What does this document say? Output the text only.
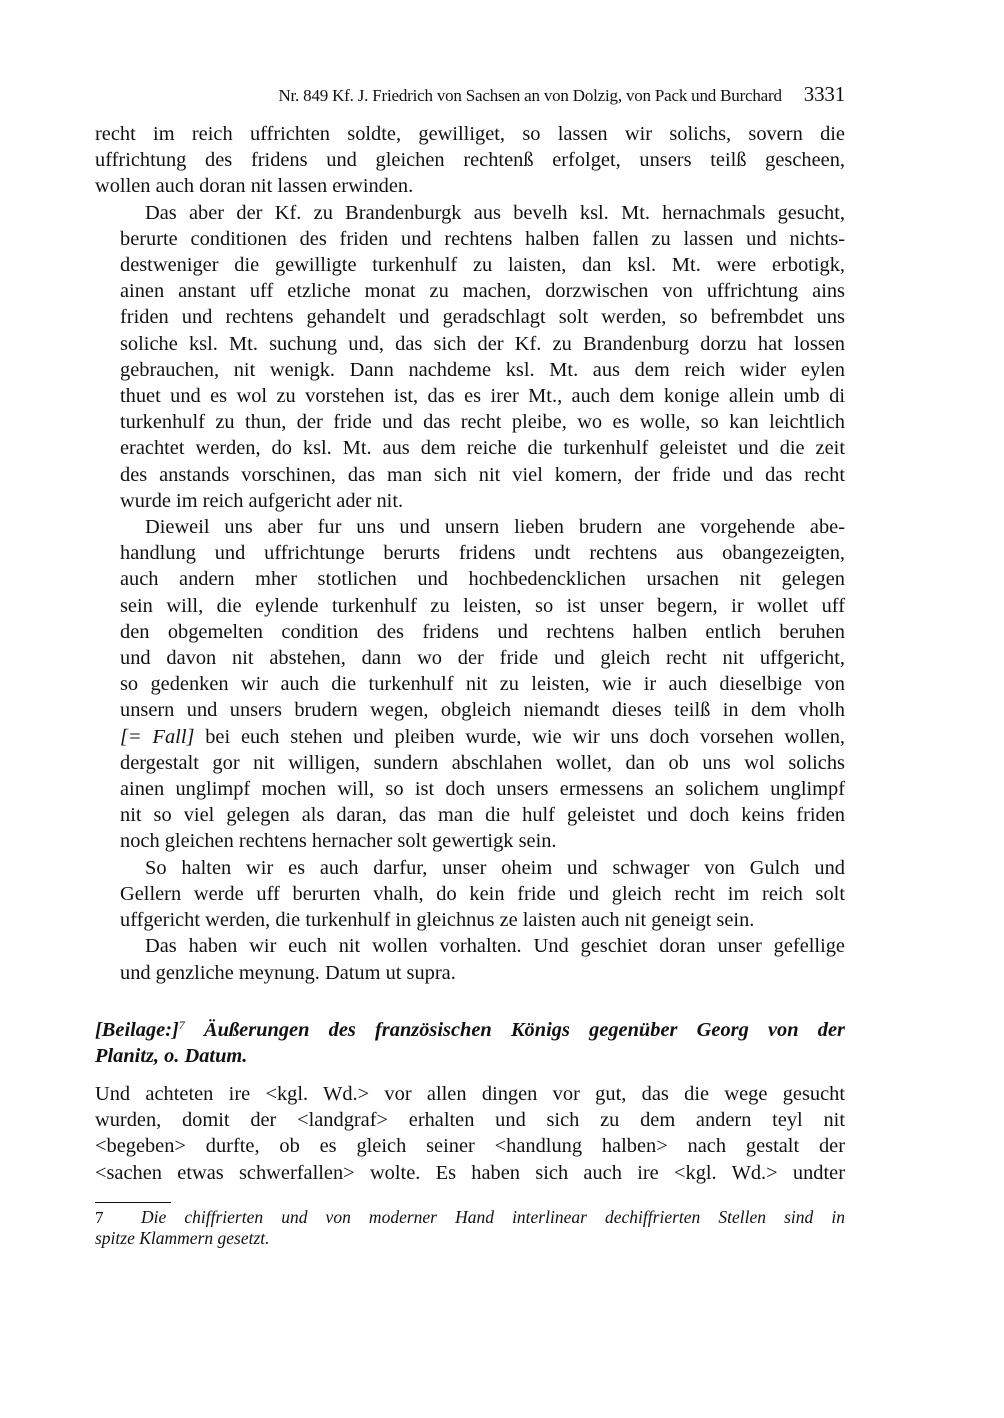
Nr. 849 Kf. J. Friedrich von Sachsen an von Dolzig, von Pack und Burchard 3331
recht im reich uffrichten soldte, gewilliget, so lassen wir solichs, sovern die
uffrichtung des fridens und gleichen rechtenß erfolget, unsers teilß gescheen,
wollen auch doran nit lassen erwinden.
Das aber der Kf. zu Brandenburgk aus bevelh ksl. Mt. hernachmals gesucht,
berurte conditionen des friden und rechtens halben fallen zu lassen und nichts-
destweniger die gewilligte turkenhulf zu laisten, dan ksl. Mt. were erbotigk,
ainen anstant uff etzliche monat zu machen, dorzwischen von uffrichtung ains
friden und rechtens gehandelt und geradschlagt solt werden, so befrembdet uns
soliche ksl. Mt. suchung und, das sich der Kf. zu Brandenburg dorzu hat lossen
gebrauchen, nit wenigk. Dann nachdeme ksl. Mt. aus dem reich wider eylen
thuet und es wol zu vorstehen ist, das es irer Mt., auch dem konige allein umb di
turkenhulf zu thun, der fride und das recht pleibe, wo es wolle, so kan leichtlich
erachtet werden, do ksl. Mt. aus dem reiche die turkenhulf geleistet und die zeit
des anstands vorschinen, das man sich nit viel komern, der fride und das recht
wurde im reich aufgericht ader nit.
Dieweil uns aber fur uns und unsern lieben brudern ane vorgehende abe-
handlung und uffrichtunge berurts fridens undt rechtens aus obangezeigten,
auch andern mher stotlichen und hochbedencklichen ursachen nit gelegen
sein will, die eylende turkenhulf zu leisten, so ist unser begern, ir wollet uff
den obgemelten condition des fridens und rechtens halben entlich beruhen
und davon nit abstehen, dann wo der fride und gleich recht nit uffgericht,
so gedenken wir auch die turkenhulf nit zu leisten, wie ir auch dieselbige von
unsern und unsers brudern wegen, obgleich niemandt dieses teilß in dem vholh
[= Fall] bei euch stehen und pleiben wurde, wie wir uns doch vorsehen wollen,
dergestalt gor nit willigen, sundern abschlahen wollet, dan ob uns wol solichs
ainen unglimpf mochen will, so ist doch unsers ermessens an solichem unglimpf
nit so viel gelegen als daran, das man die hulf geleistet und doch keins friden
noch gleichen rechtens hernacher solt gewertigk sein.
So halten wir es auch darfur, unser oheim und schwager von Gulch und
Gellern werde uff berurten vhalh, do kein fride und gleich recht im reich solt
uffgericht werden, die turkenhulf in gleichnus ze laisten auch nit geneigt sein.
Das haben wir euch nit wollen vorhalten. Und geschiet doran unser gefellige
und genzliche meynung. Datum ut supra.
[Beilage:]$^7$ Äußerungen des französischen Königs gegenüber Georg von der
Planitz, o. Datum.
Und achteten ire <kgl. Wd.> vor allen dingen vor gut, das die wege gesucht
wurden, domit der <landgraf> erhalten und sich zu dem andern teyl nit
<begeben> durfte, ob es gleich seiner <handlung halben> nach gestalt der
<sachen etwas schwerfallen> wolte. Es haben sich auch ire <kgl. Wd.> undter
7 Die chiffrierten und von moderner Hand interlinear dechiffrierten Stellen sind in
spitze Klammern gesetzt.
